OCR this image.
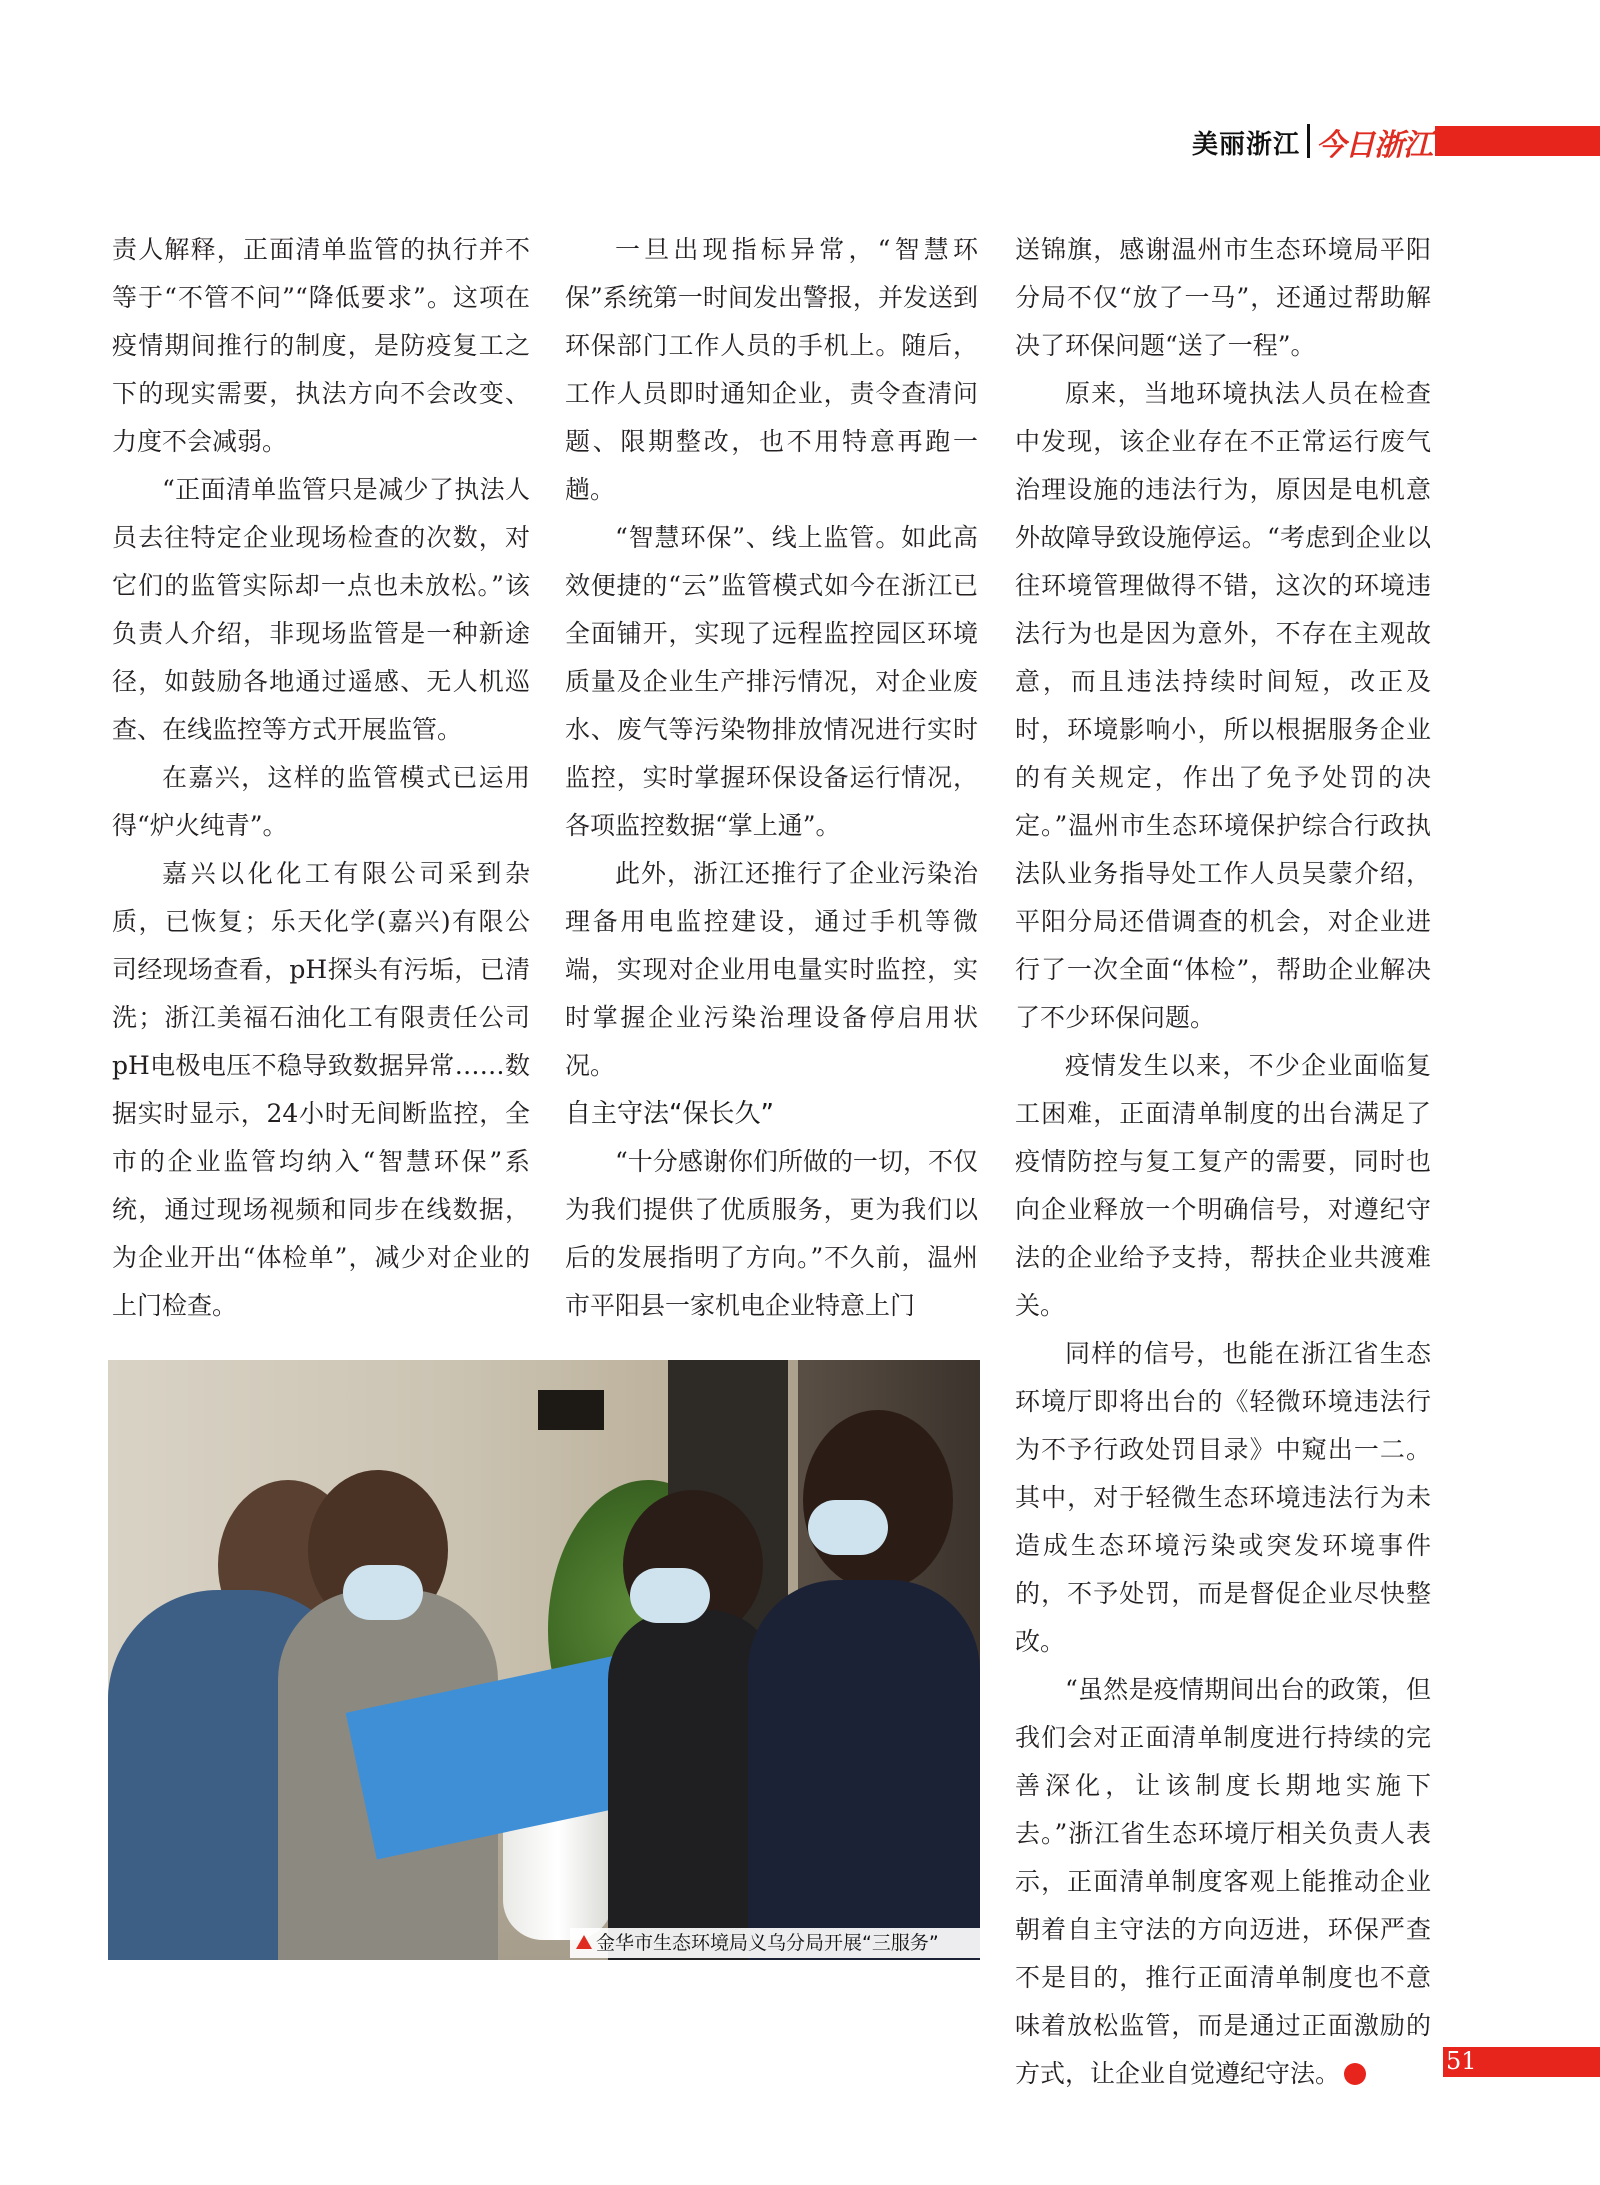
美丽浙江 今日浙江

责人解释，正面清单监管的执行并不等于“不管不问”“降低要求”。这项在疫情期间推行的制度，是防疫复工之下的现实需要，执法方向不会改变、力度不会减弱。

“正面清单监管只是减少了执法人员去往特定企业现场检查的次数，对它们的监管实际却一点也未放松。”该负责人介绍，非现场监管是一种新途径，如鼓励各地通过遥感、无人机巡查、在线监控等方式开展监管。

在嘉兴，这样的监管模式已运用得“炉火纯青”。

嘉兴以化化工有限公司采到杂质，已恢复；乐天化学(嘉兴)有限公司经现场查看，pH探头有污垢，已清洗；浙江美福石油化工有限责任公司pH电极电压不稳导致数据异常……数据实时显示，24小时无间断监控，全市的企业监管均纳入“智慧环保”系统，通过现场视频和同步在线数据，为企业开出“体检单”，减少对企业的上门检查。

一旦出现指标异常，“智慧环保”系统第一时间发出警报，并发送到环保部门工作人员的手机上。随后，工作人员即时通知企业，责令查清问题、限期整改，也不用特意再跑一趟。

“智慧环保”、线上监管。如此高效便捷的“云”监管模式如今在浙江已全面铺开，实现了远程监控园区环境质量及企业生产排污情况，对企业废水、废气等污染物排放情况进行实时监控，实时掌握环保设备运行情况，各项监控数据“掌上通”。

此外，浙江还推行了企业污染治理备用电监控建设，通过手机等微端，实现对企业用电量实时监控，实时掌握企业污染治理设备停启用状况。

自主守法“保长久”

“十分感谢你们所做的一切，不仅为我们提供了优质服务，更为我们以后的发展指明了方向。”不久前，温州市平阳县一家机电企业特意上门

送锦旗，感谢温州市生态环境局平阳分局不仅“放了一马”，还通过帮助解决了环保问题“送了一程”。

原来，当地环境执法人员在检查中发现，该企业存在不正常运行废气治理设施的违法行为，原因是电机意外故障导致设施停运。“考虑到企业以往环境管理做得不错，这次的环境违法行为也是因为意外，不存在主观故意，而且违法持续时间短，改正及时，环境影响小，所以根据服务企业的有关规定，作出了免予处罚的决定。”温州市生态环境保护综合行政执法队业务指导处工作人员吴蒙介绍，平阳分局还借调查的机会，对企业进行了一次全面“体检”，帮助企业解决了不少环保问题。

疫情发生以来，不少企业面临复工困难，正面清单制度的出台满足了疫情防控与复工复产的需要，同时也向企业释放一个明确信号，对遵纪守法的企业给予支持，帮扶企业共渡难关。

同样的信号，也能在浙江省生态环境厅即将出台的《轻微环境违法行为不予行政处罚目录》中窥出一二。其中，对于轻微生态环境违法行为未造成生态环境污染或突发环境事件的，不予处罚，而是督促企业尽快整改。

“虽然是疫情期间出台的政策，但我们会对正面清单制度进行持续的完善深化，让该制度长期地实施下去。”浙江省生态环境厅相关负责人表示，正面清单制度客观上能推动企业朝着自主守法的方向迈进，环保严查不是目的，推行正面清单制度也不意味着放松监管，而是通过正面激励的方式，让企业自觉遵纪守法。

金华市生态环境局义乌分局开展“三服务”
51
